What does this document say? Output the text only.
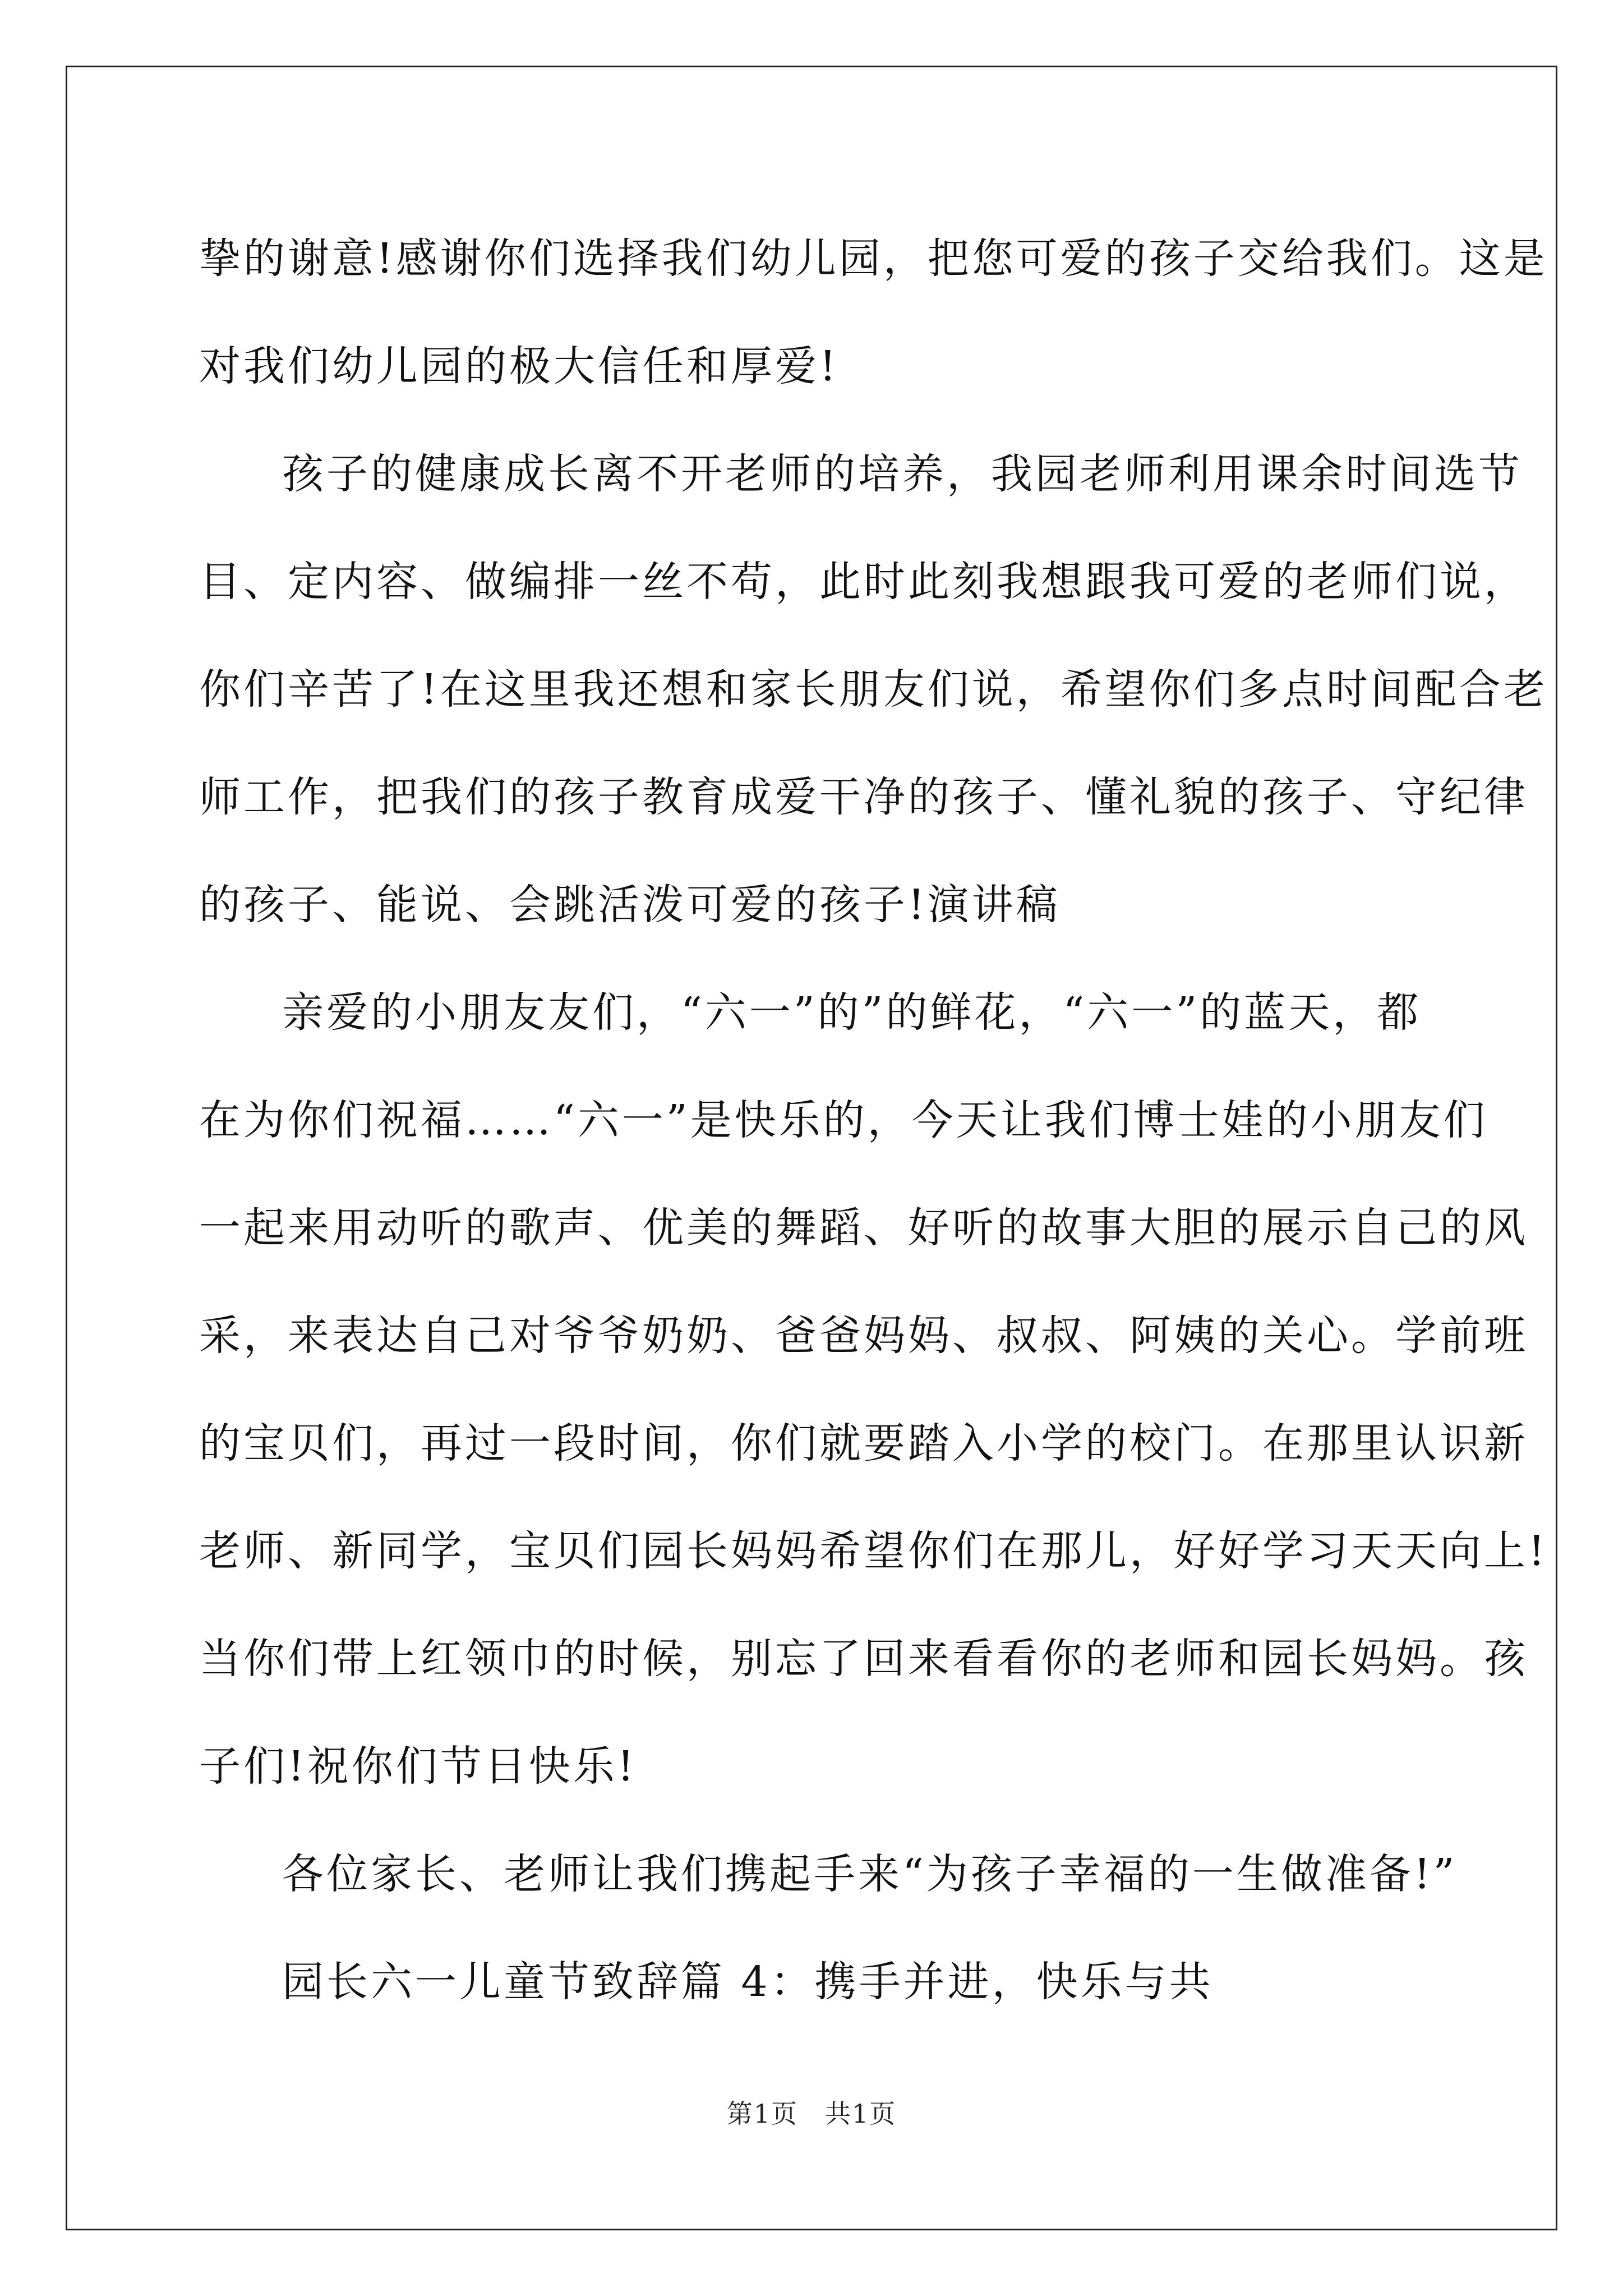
挚的谢意!感谢你们选择我们幼儿园，把您可爱的孩子交给我们。这是
对我们幼儿园的极大信任和厚爱!
孩子的健康成长离不开老师的培养，我园老师利用课余时间选节
目、定内容、做编排一丝不苟，此时此刻我想跟我可爱的老师们说，
你们辛苦了!在这里我还想和家长朋友们说，希望你们多点时间配合老
师工作，把我们的孩子教育成爱干净的孩子、懂礼貌的孩子、守纪律
的孩子、能说、会跳活泼可爱的孩子!演讲稿
亲爱的小朋友友们，“六一”的”的鲜花，“六一”的蓝天，都
在为你们祝福……“六一”是快乐的，今天让我们博士娃的小朋友们
一起来用动听的歌声、优美的舞蹈、好听的故事大胆的展示自己的风
采，来表达自己对爷爷奶奶、爸爸妈妈、叔叔、阿姨的关心。学前班
的宝贝们，再过一段时间，你们就要踏入小学的校门。在那里认识新
老师、新同学，宝贝们园长妈妈希望你们在那儿，好好学习天天向上!
当你们带上红领巾的时候，别忘了回来看看你的老师和园长妈妈。孩
子们!祝你们节日快乐!
各位家长、老师让我们携起手来“为孩子幸福的一生做准备!”
园长六一儿童节致辞篇 4：携手并进，快乐与共
第1页　共1页
